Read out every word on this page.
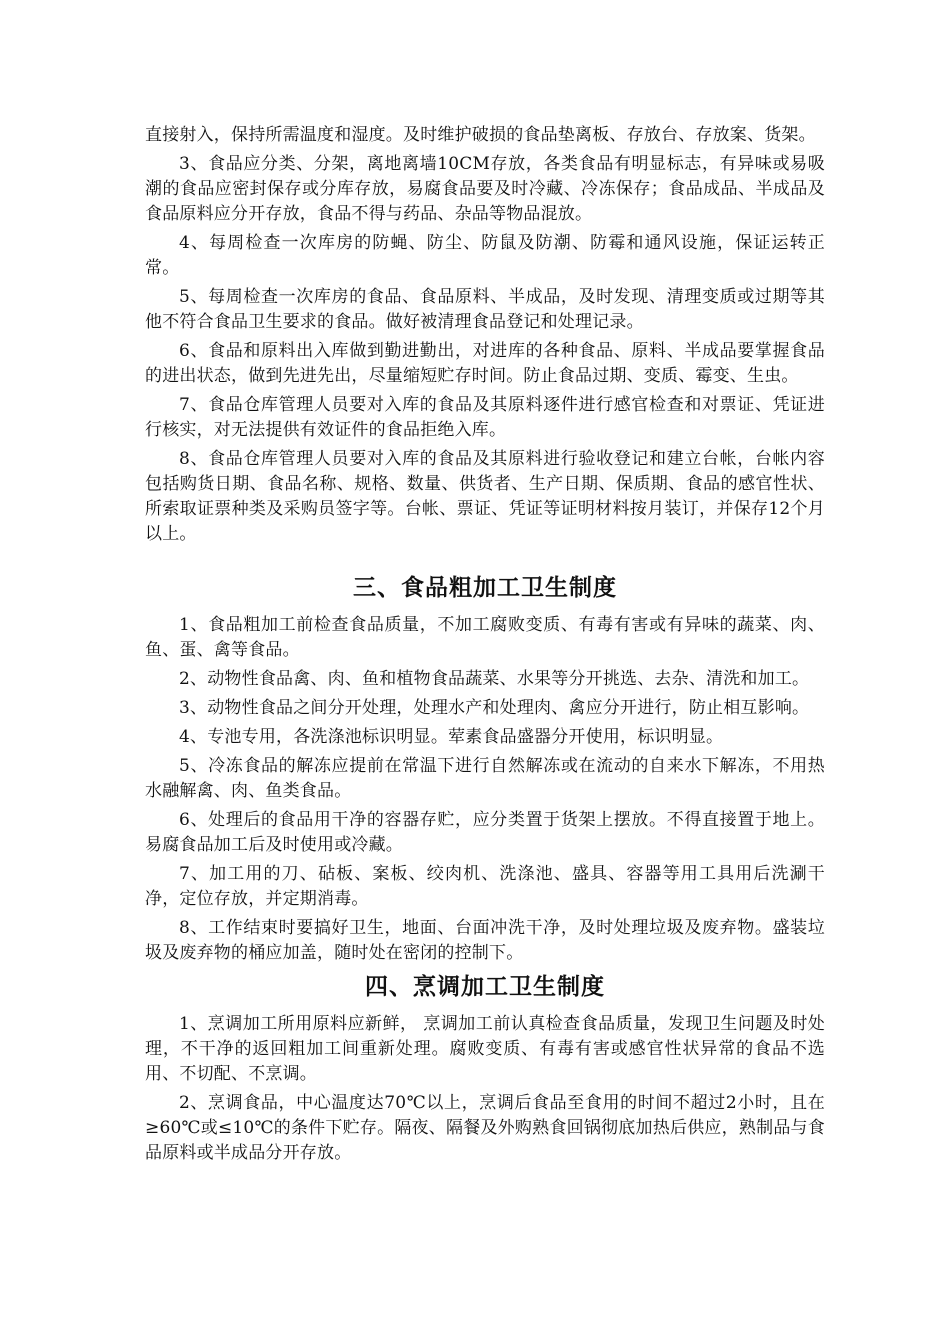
直接射入，保持所需温度和湿度。及时维护破损的食品垫离板、存放台、存放案、货架。

3、食品应分类、分架，离地离墙10CM存放，各类食品有明显标志，有异味或易吸潮的食品应密封保存或分库存放，易腐食品要及时冷藏、冷冻保存；食品成品、半成品及食品原料应分开存放，食品不得与药品、杂品等物品混放。

4、每周检查一次库房的防蝇、防尘、防鼠及防潮、防霉和通风设施，保证运转正常。

5、每周检查一次库房的食品、食品原料、半成品，及时发现、清理变质或过期等其他不符合食品卫生要求的食品。做好被清理食品登记和处理记录。

6、食品和原料出入库做到勤进勤出，对进库的各种食品、原料、半成品要掌握食品的进出状态，做到先进先出，尽量缩短贮存时间。防止食品过期、变质、霉变、生虫。

7、食品仓库管理人员要对入库的食品及其原料逐件进行感官检查和对票证、凭证进行核实，对无法提供有效证件的食品拒绝入库。

8、食品仓库管理人员要对入库的食品及其原料进行验收登记和建立台帐，台帐内容包括购货日期、食品名称、规格、数量、供货者、生产日期、保质期、食品的感官性状、所索取证票种类及采购员签字等。台帐、票证、凭证等证明材料按月装订，并保存12个月以上。

三、食品粗加工卫生制度

1、食品粗加工前检查食品质量，不加工腐败变质、有毒有害或有异味的蔬菜、肉、鱼、蛋、禽等食品。

2、动物性食品禽、肉、鱼和植物食品蔬菜、水果等分开挑选、去杂、清洗和加工。

3、动物性食品之间分开处理，处理水产和处理肉、禽应分开进行，防止相互影响。

4、专池专用，各洗涤池标识明显。荤素食品盛器分开使用，标识明显。

5、冷冻食品的解冻应提前在常温下进行自然解冻或在流动的自来水下解冻，不用热水融解禽、肉、鱼类食品。

6、处理后的食品用干净的容器存贮，应分类置于货架上摆放。不得直接置于地上。易腐食品加工后及时使用或冷藏。

7、加工用的刀、砧板、案板、绞肉机、洗涤池、盛具、容器等用工具用后洗涮干净，定位存放，并定期消毒。

8、工作结束时要搞好卫生，地面、台面冲洗干净，及时处理垃圾及废弃物。盛装垃圾及废弃物的桶应加盖，随时处在密闭的控制下。

四、烹调加工卫生制度

1、烹调加工所用原料应新鲜， 烹调加工前认真检查食品质量，发现卫生问题及时处理，不干净的返回粗加工间重新处理。腐败变质、有毒有害或感官性状异常的食品不选用、不切配、不烹调。

2、烹调食品，中心温度达70℃以上，烹调后食品至食用的时间不超过2小时，且在≥60℃或≤10℃的条件下贮存。隔夜、隔餐及外购熟食回锅彻底加热后供应，熟制品与食品原料或半成品分开存放。
